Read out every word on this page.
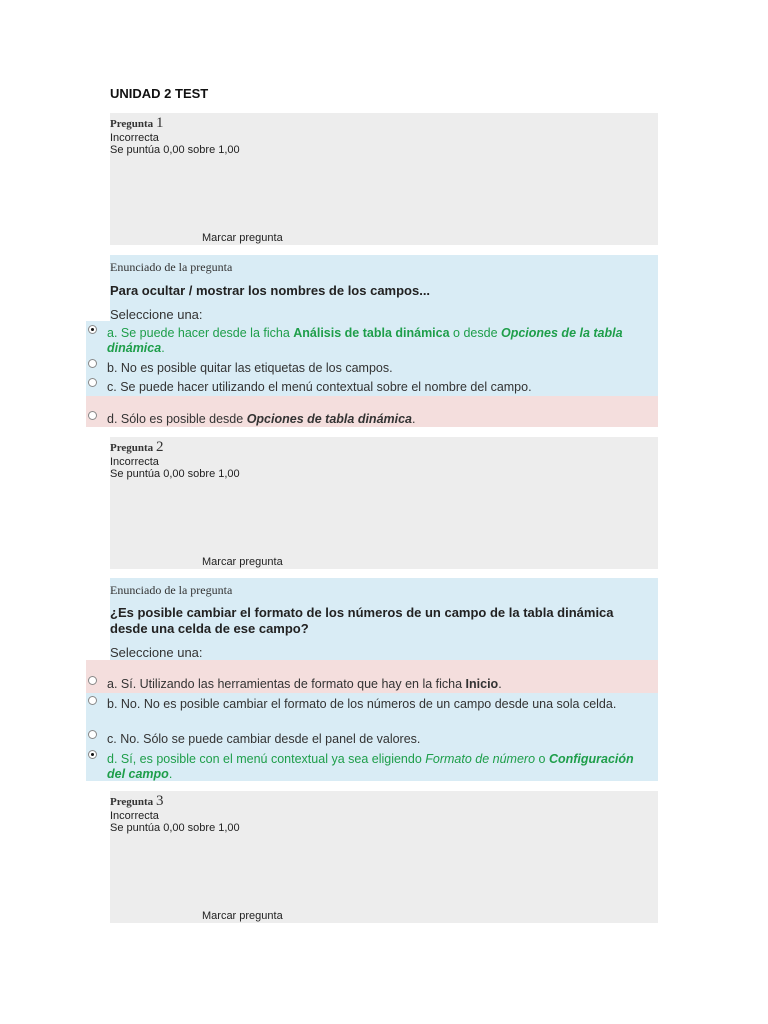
UNIDAD 2 TEST
Pregunta 1
Incorrecta
Se puntúa 0,00 sobre 1,00
Marcar pregunta
Enunciado de la pregunta
Para ocultar / mostrar los nombres de los campos...
Seleccione una:
a. Se puede hacer desde la ficha Análisis de tabla dinámica o desde Opciones de la tabla dinámica.
b. No es posible quitar las etiquetas de los campos.
c. Se puede hacer utilizando el menú contextual sobre el nombre del campo.
d. Sólo es posible desde Opciones de tabla dinámica.
Pregunta 2
Incorrecta
Se puntúa 0,00 sobre 1,00
Marcar pregunta
Enunciado de la pregunta
¿Es posible cambiar el formato de los números de un campo de la tabla dinámica desde una celda de ese campo?
Seleccione una:
a. Sí. Utilizando las herramientas de formato que hay en la ficha Inicio.
b. No. No es posible cambiar el formato de los números de un campo desde una sola celda.
c. No. Sólo se puede cambiar desde el panel de valores.
d. Sí, es posible con el menú contextual ya sea eligiendo Formato de número o Configuración del campo.
Pregunta 3
Incorrecta
Se puntúa 0,00 sobre 1,00
Marcar pregunta
